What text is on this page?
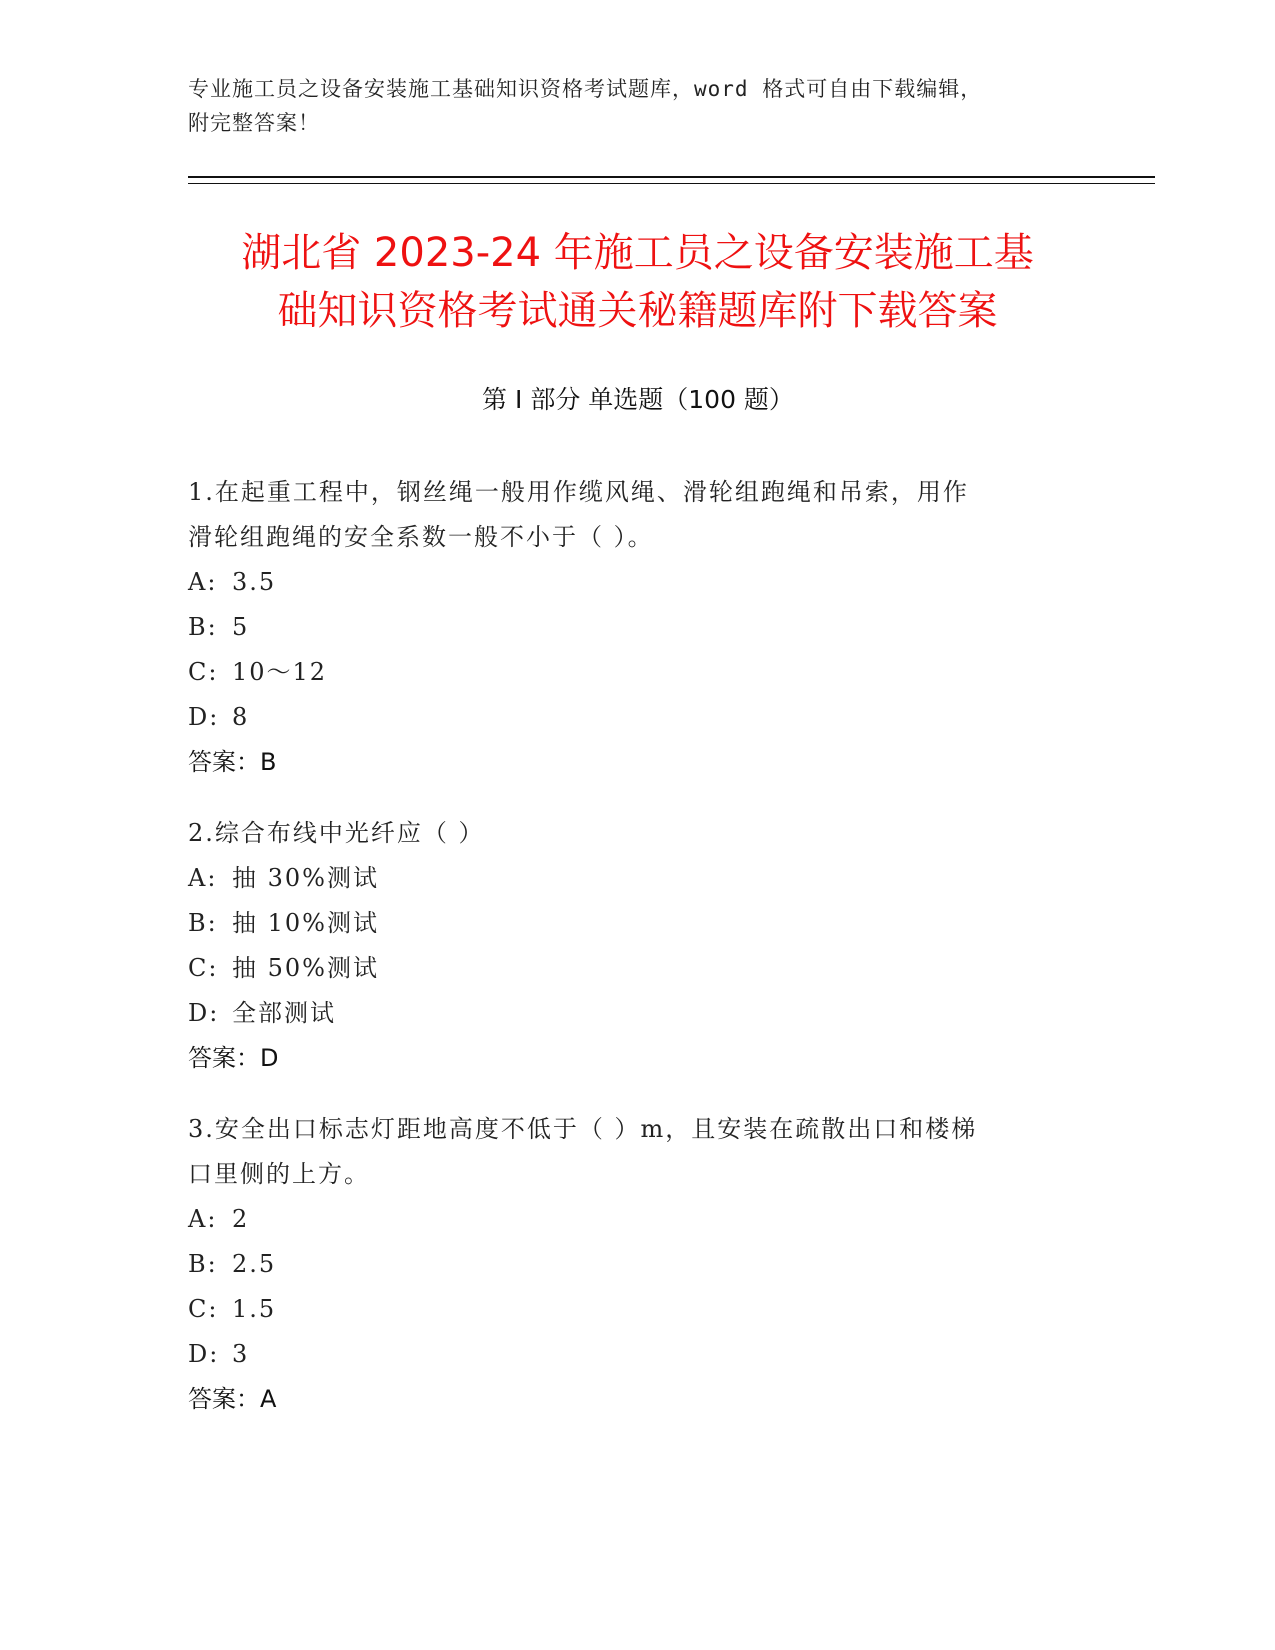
专业施工员之设备安装施工基础知识资格考试题库，word 格式可自由下载编辑，
附完整答案！
湖北省 2023-24 年施工员之设备安装施工基
础知识资格考试通关秘籍题库附下载答案
第 I 部分 单选题（100 题）
1.在起重工程中，钢丝绳一般用作缆风绳、滑轮组跑绳和吊索，用作
滑轮组跑绳的安全系数一般不小于（ ）。
A: 3.5
B: 5
C: 10～12
D: 8
答案：B
2.综合布线中光纤应（ ）
A: 抽 30%测试
B: 抽 10%测试
C: 抽 50%测试
D: 全部测试
答案：D
3.安全出口标志灯距地高度不低于（ ）m，且安装在疏散出口和楼梯
口里侧的上方。
A: 2
B: 2.5
C: 1.5
D: 3
答案：A
